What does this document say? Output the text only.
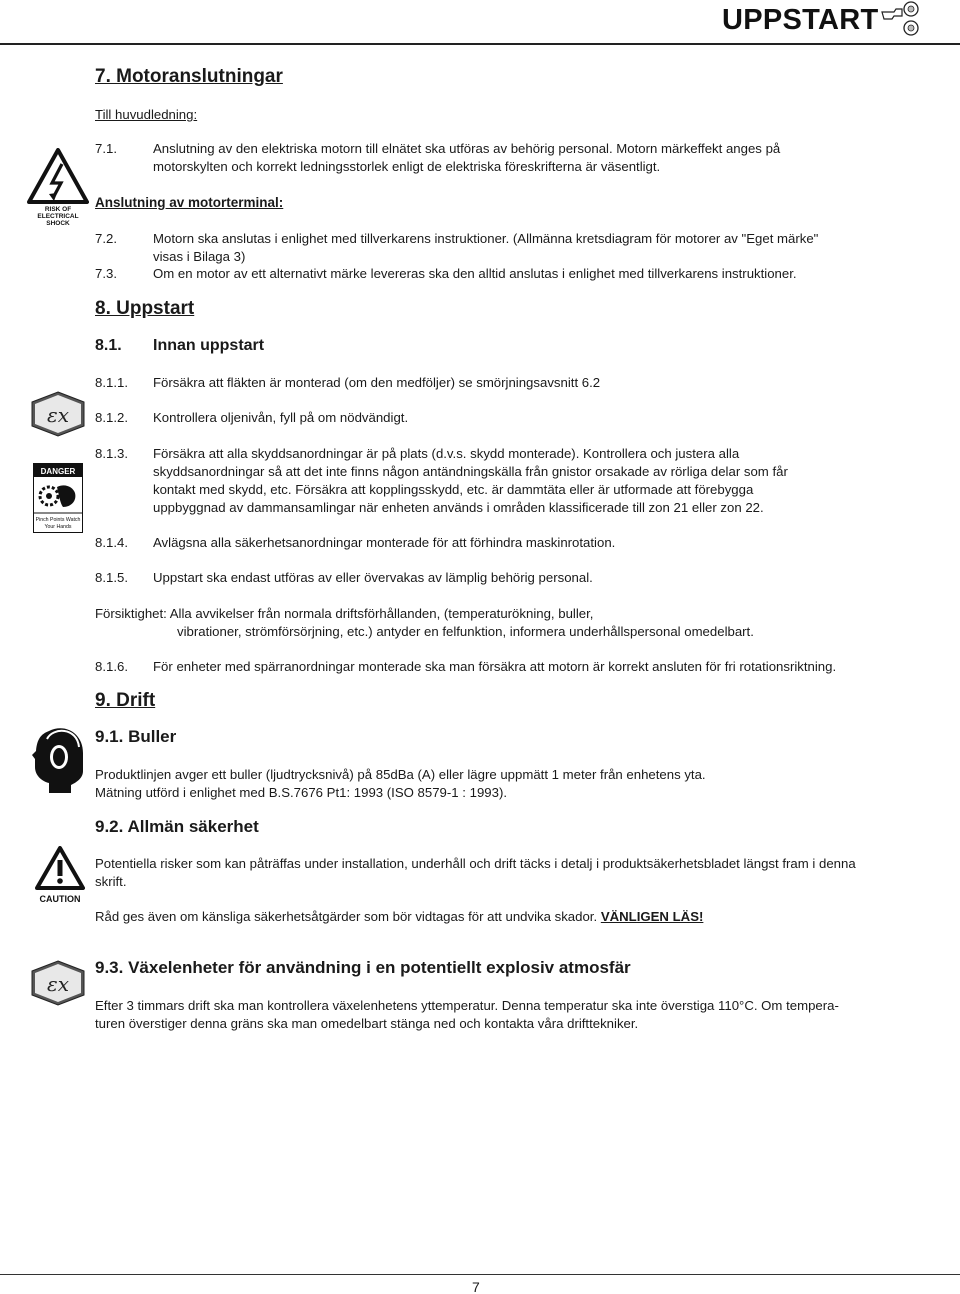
UPPSTART
7. Motoranslutningar
Till huvudledning:
7.1.	Anslutning av den elektriska motorn till elnätet ska utföras av behörig personal. Motorn märkeffekt anges på
motorskylten och korrekt ledningsstorlek enligt de elektriska föreskrifterna är väsentligt.
Anslutning av motorterminal:
7.2.	Motorn ska anslutas i enlighet med tillverkarens instruktioner. (Allmänna kretsdiagram för motorer av "Eget märke"
visas i Bilaga 3)
7.3.	Om en motor av ett alternativt märke levereras ska den alltid anslutas i enlighet med tillverkarens instruktioner.
8. Uppstart
8.1. Innan uppstart
8.1.1. Försäkra att fläkten är monterad (om den medföljer) se smörjningsavsnitt 6.2
8.1.2. Kontrollera oljenivån, fyll på om nödvändigt.
8.1.3. Försäkra att alla skyddsanordningar är på plats (d.v.s. skydd monterade). Kontrollera och justera alla
skyddsanordningar så att det inte finns någon antändningskälla från gnistor orsakade av rörliga delar som får
kontakt med skydd, etc. Försäkra att kopplingsskydd, etc. är dammtäta eller är utformade att förebygga
uppbyggnad av dammansamlingar när enheten används i områden klassificerade till zon 21 eller zon 22.
8.1.4. Avlägsna alla säkerhetsanordningar monterade för att förhindra maskinrotation.
8.1.5. Uppstart ska endast utföras av eller övervakas av lämplig behörig personal.
Försiktighet: Alla avvikelser från normala driftsförhållanden, (temperaturökning, buller,
vibrationer, strömförsörjning, etc.) antyder en felfunktion, informera underhållspersonal omedelbart.
8.1.6. För enheter med spärranordningar monterade ska man försäkra att motorn är korrekt ansluten för fri rotationsriktning.
9. Drift
9.1. Buller
Produktlinjen avger ett buller (ljudtrycksnivå) på 85dBa (A) eller lägre uppmätt 1 meter från enhetens yta.
Mätning utförd i enlighet med B.S.7676 Pt1: 1993 (ISO 8579-1 : 1993).
9.2. Allmän säkerhet
Potentiella risker som kan påträffas under installation, underhåll och drift täcks i detalj i produktsäkerhetsbladet längst fram i denna
skrift.
Råd ges även om känsliga säkerhetsåtgärder som bör vidtagas för att undvika skador. VÄNLIGEN LÄS!
9.3. Växelenheter för användning i en potentiellt explosiv atmosfär
Efter 3 timmars drift ska man kontrollera växelenhetens yttemperatur. Denna temperatur ska inte överstiga 110°C. Om tempera-
turen överstiger denna gräns ska man omedelbart stänga ned och kontakta våra drifttekniker.
RISK OF
ELECTRICAL
SHOCK
εx
DANGER
Pinch Points Watch
Your Hands
CAUTION
εx
7
